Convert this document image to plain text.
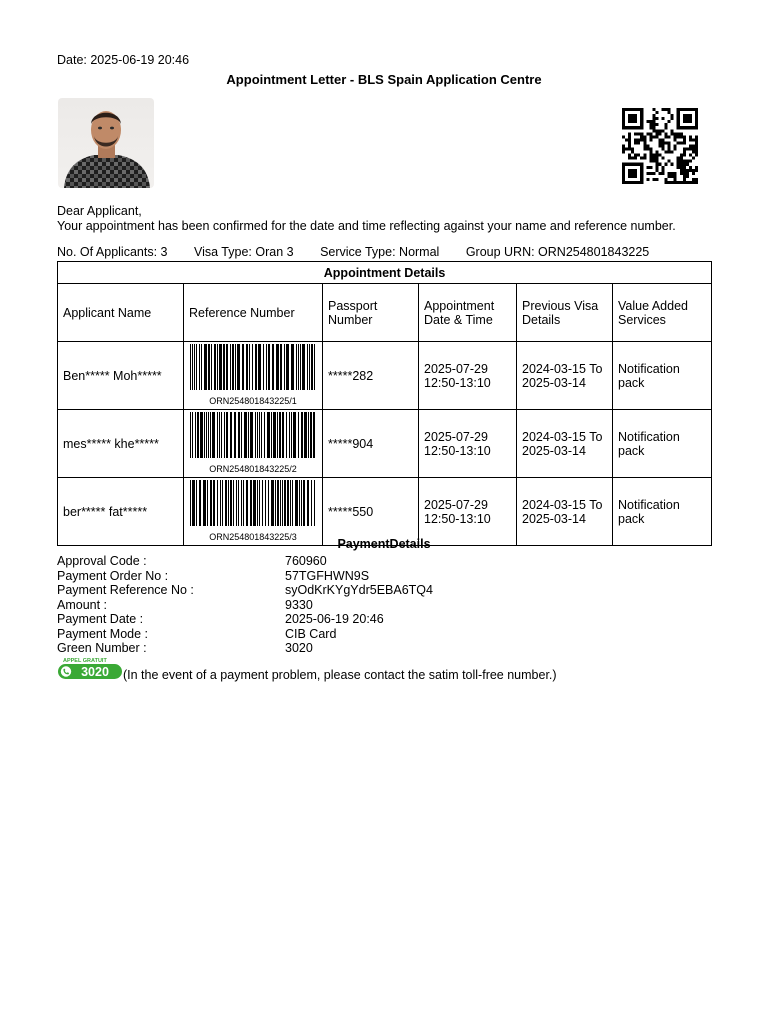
Date: 2025-06-19 20:46
Appointment Letter - BLS Spain Application Centre
Dear Applicant,
Your appointment has been confirmed for the date and time reflecting against your name and reference number.
No. Of Applicants: 3 Visa Type: Oran 3 Service Type: Normal Group URN: ORN254801843225
Appointment Details					
Applicant Name	Reference Number	Passport Number	Appointment Date & Time	Previous Visa Details	Value Added Services
Ben***** Moh*****	ORN254801843225/1	*****282	2025-07-29 12:50-13:10	2024-03-15 To 2025-03-14	Notification pack
mes***** khe*****	ORN254801843225/2	*****904	2025-07-29 12:50-13:10	2024-03-15 To 2025-03-14	Notification pack
ber***** fat*****	ORN254801843225/3	*****550	2025-07-29 12:50-13:10	2024-03-15 To 2025-03-14	Notification pack
PaymentDetails
Approval Code :	760960
Payment Order No :	57TGFHWN9S
Payment Reference No :	syOdKrKYgYdr5EBA6TQ4
Amount :	9330
Payment Date :	2025-06-19 20:46
Payment Mode :	CIB Card
Green Number :	3020
APPEL GRATUIT
3020 (In the event of a payment problem, please contact the satim toll-free number.)
